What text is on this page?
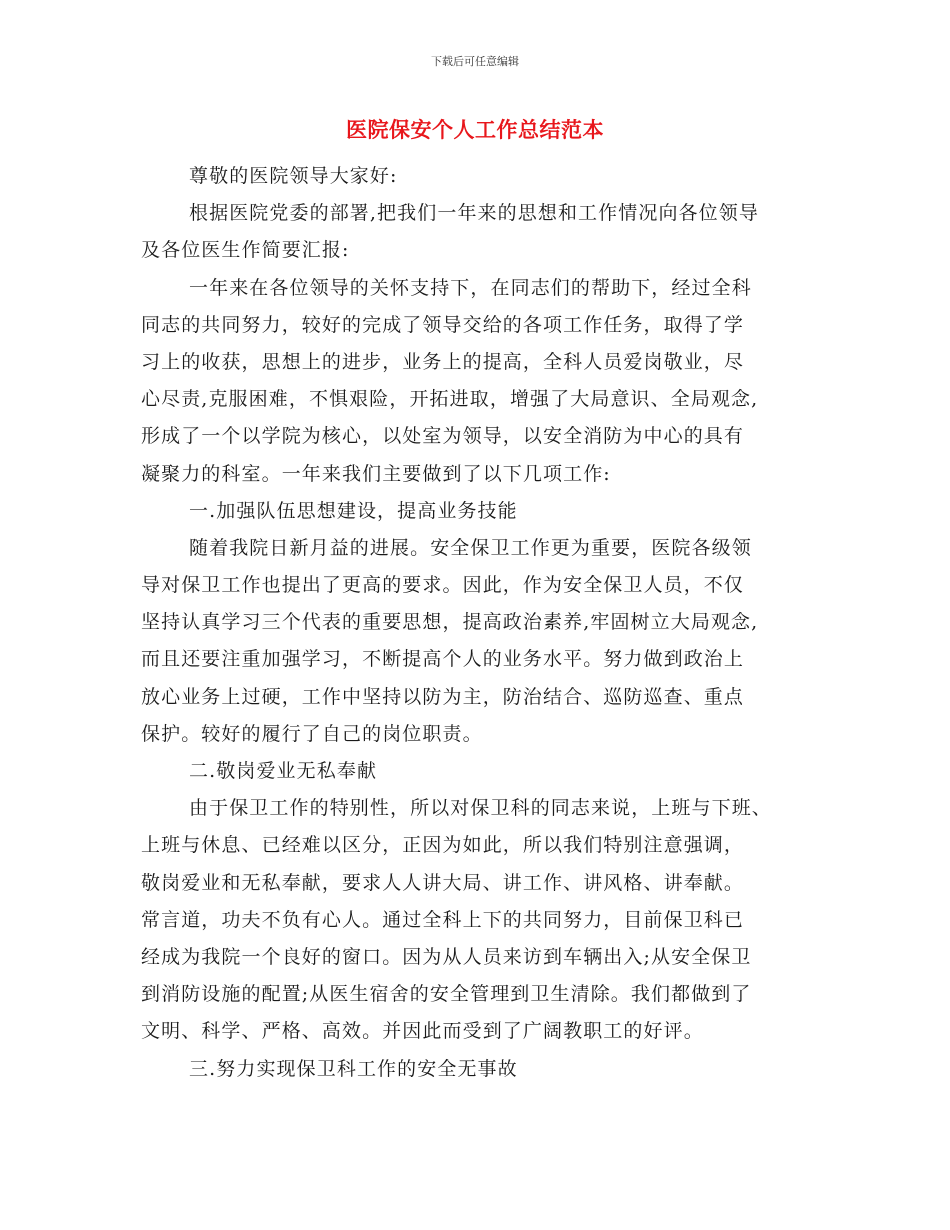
下载后可任意编辑
医院保安个人工作总结范本
尊敬的医院领导大家好:
根据医院党委的部署,把我们一年来的思想和工作情况向各位领导
及各位医生作简要汇报:
一年来在各位领导的关怀支持下，在同志们的帮助下，经过全科
同志的共同努力，较好的完成了领导交给的各项工作任务，取得了学
习上的收获，思想上的进步，业务上的提高，全科人员爱岗敬业，尽
心尽责,克服困难，不惧艰险，开拓进取，增强了大局意识、全局观念,
形成了一个以学院为核心，以处室为领导，以安全消防为中心的具有
凝聚力的科室。一年来我们主要做到了以下几项工作:
一.加强队伍思想建设，提高业务技能
随着我院日新月益的进展。安全保卫工作更为重要，医院各级领
导对保卫工作也提出了更高的要求。因此，作为安全保卫人员，不仅
坚持认真学习三个代表的重要思想，提高政治素养,牢固树立大局观念,
而且还要注重加强学习，不断提高个人的业务水平。努力做到政治上
放心业务上过硬，工作中坚持以防为主，防治结合、巡防巡查、重点
保护。较好的履行了自己的岗位职责。
二.敬岗爱业无私奉献
由于保卫工作的特别性，所以对保卫科的同志来说，上班与下班、
上班与休息、已经难以区分，正因为如此，所以我们特别注意强调，
敬岗爱业和无私奉献，要求人人讲大局、讲工作、讲风格、讲奉献。
常言道，功夫不负有心人。通过全科上下的共同努力，目前保卫科已
经成为我院一个良好的窗口。因为从人员来访到车辆出入;从安全保卫
到消防设施的配置;从医生宿舍的安全管理到卫生清除。我们都做到了
文明、科学、严格、高效。并因此而受到了广阔教职工的好评。
三.努力实现保卫科工作的安全无事故
